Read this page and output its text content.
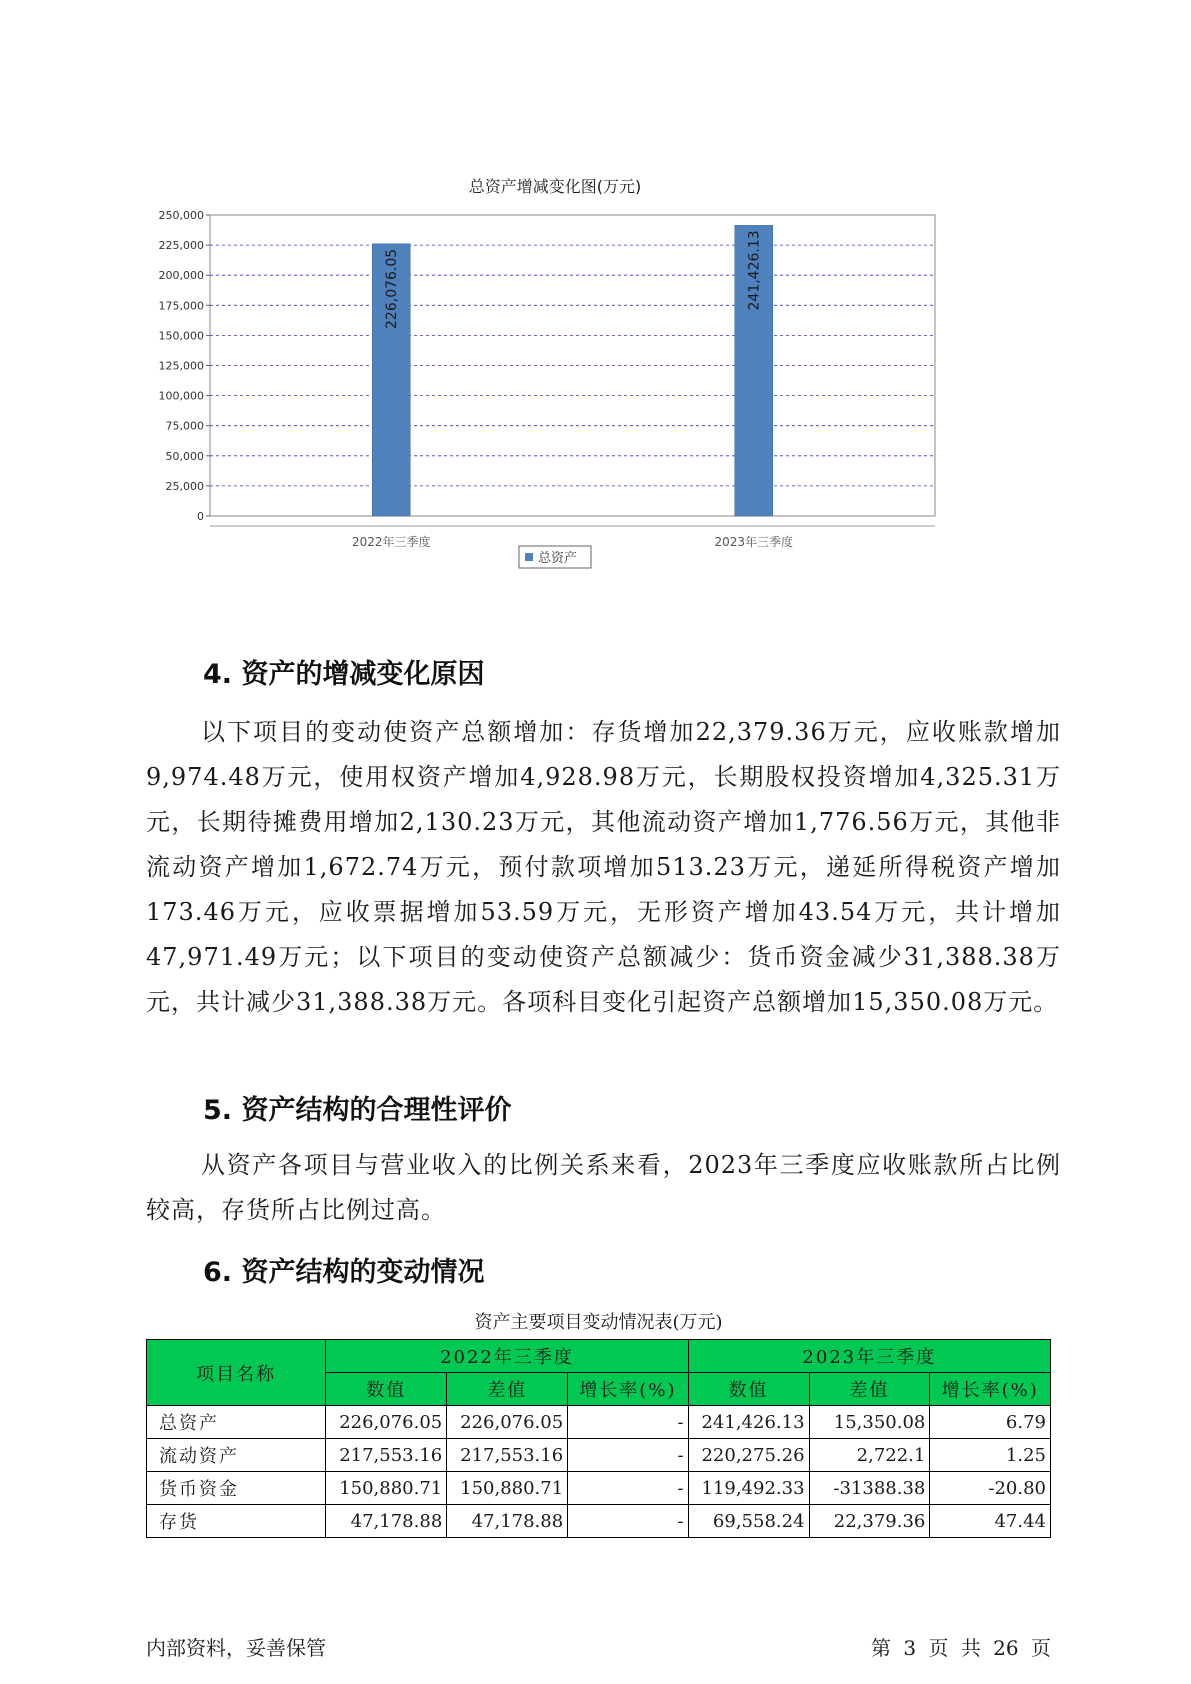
总资产增减变化图(万元)
0
25,000
50,000
75,000
100,000
125,000
150,000
175,000
200,000
225,000
250,000
226,076.05	241,426.13
2022年三季度	2023年三季度
总资产
4. 资产的增减变化原因

以下项目的变动使资产总额增加：存货增加22,379.36万元，应收账款增加9,974.48万元，使用权资产增加4,928.98万元，长期股权投资增加4,325.31万元，长期待摊费用增加2,130.23万元，其他流动资产增加1,776.56万元，其他非流动资产增加1,672.74万元，预付款项增加513.23万元，递延所得税资产增加173.46万元，应收票据增加53.59万元，无形资产增加43.54万元，共计增加47,971.49万元；以下项目的变动使资产总额减少：货币资金减少31,388.38万元，共计减少31,388.38万元。各项科目变化引起资产总额增加15,350.08万元。

5. 资产结构的合理性评价

从资产各项目与营业收入的比例关系来看，2023年三季度应收账款所占比例较高，存货所占比例过高。

6. 资产结构的变动情况
资产主要项目变动情况表(万元)
项目名称	2022年三季度			2023年三季度		
	数值	差值	增长率(%)	数值	差值	增长率(%)
总资产	226,076.05	226,076.05	-	241,426.13	15,350.08	6.79
流动资产	217,553.16	217,553.16	-	220,275.26	2,722.1	1.25
货币资金	150,880.71	150,880.71	-	119,492.33	-31388.38	-20.80
存货	47,178.88	47,178.88	-	69,558.24	22,379.36	47.44
内部资料，妥善保管	第 3 页 共 26 页
